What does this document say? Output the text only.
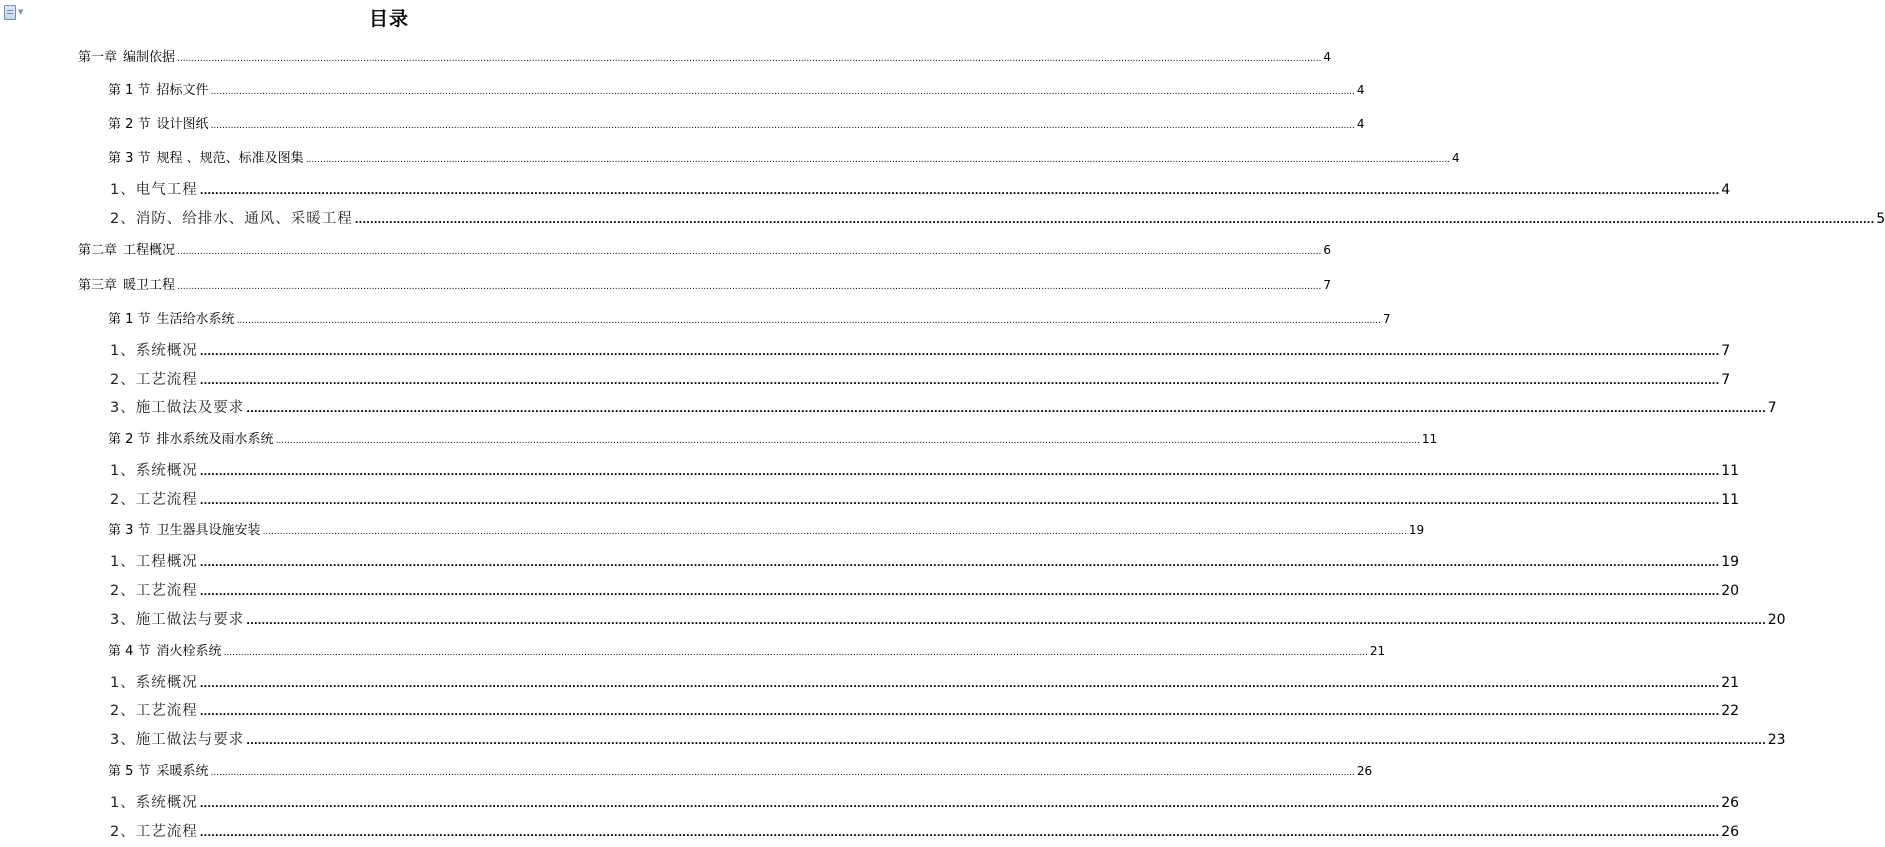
▼	目录
第一章 编制依据 ................................................................................................................................................................................................................................................................................................................................................................................................................ 4
第 1 节 招标文件 ................................................................................................................................................................................................................................................................................................................................................................................................................ 4
第 2 节 设计图纸 ................................................................................................................................................................................................................................................................................................................................................................................................................ 4
第 3 节 规程 、规范、标准及图集 ................................................................................................................................................................................................................................................................................................................................................................................................................ 4
1、 电气工程 ................................................................................................................................................................................................................................................................................................................................................................................................................ 4
2、 消防、给排水、通风、采暖工程 ................................................................................................................................................................................................................................................................................................................................................................................................................ 5
第二章 工程概况 ................................................................................................................................................................................................................................................................................................................................................................................................................ 6
第三章 暖卫工程 ................................................................................................................................................................................................................................................................................................................................................................................................................ 7
第 1 节 生活给水系统 ................................................................................................................................................................................................................................................................................................................................................................................................................ 7
1、 系统概况 ................................................................................................................................................................................................................................................................................................................................................................................................................ 7
2、 工艺流程 ................................................................................................................................................................................................................................................................................................................................................................................................................ 7
3、 施工做法及要求 ................................................................................................................................................................................................................................................................................................................................................................................................................ 7
第 2 节 排水系统及雨水系统 ................................................................................................................................................................................................................................................................................................................................................................................................................ 11
1、 系统概况 ................................................................................................................................................................................................................................................................................................................................................................................................................ 11
2、 工艺流程 ................................................................................................................................................................................................................................................................................................................................................................................................................ 11
第 3 节 卫生器具设施安装 ................................................................................................................................................................................................................................................................................................................................................................................................................ 19
1、 工程概况 ................................................................................................................................................................................................................................................................................................................................................................................................................ 19
2、 工艺流程 ................................................................................................................................................................................................................................................................................................................................................................................................................ 20
3、 施工做法与要求 ................................................................................................................................................................................................................................................................................................................................................................................................................ 20
第 4 节 消火栓系统 ................................................................................................................................................................................................................................................................................................................................................................................................................ 21
1、 系统概况 ................................................................................................................................................................................................................................................................................................................................................................................................................ 21
2、 工艺流程 ................................................................................................................................................................................................................................................................................................................................................................................................................ 22
3、 施工做法与要求 ................................................................................................................................................................................................................................................................................................................................................................................................................ 23
第 5 节 采暖系统 ................................................................................................................................................................................................................................................................................................................................................................................................................ 26
1、 系统概况 ................................................................................................................................................................................................................................................................................................................................................................................................................ 26
2、 工艺流程 ................................................................................................................................................................................................................................................................................................................................................................................................................ 26
